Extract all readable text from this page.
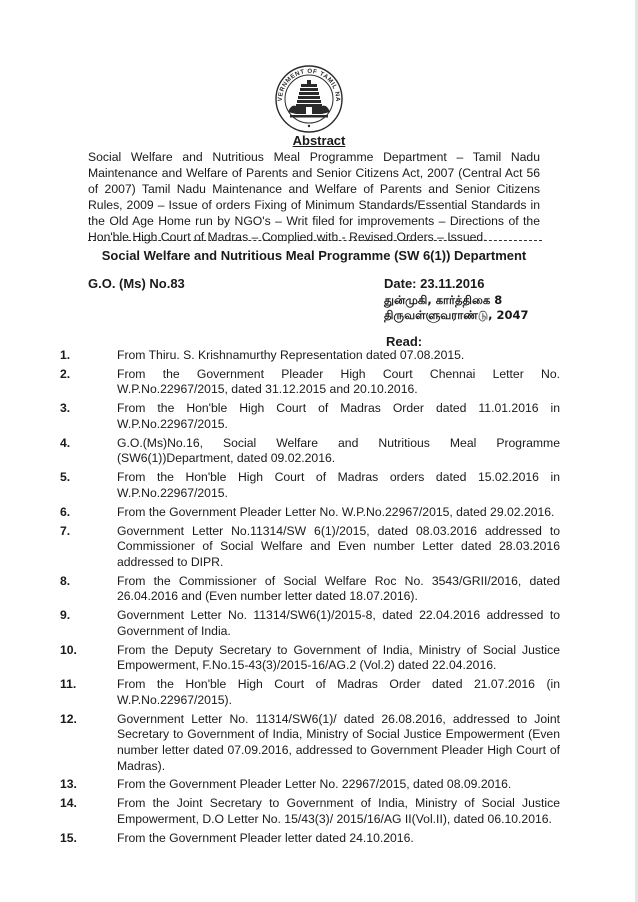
VERNMENT OF TAMIL NA
Abstract

Social Welfare and Nutritious Meal Programme Department – Tamil Nadu Maintenance and Welfare of Parents and Senior Citizens Act, 2007 (Central Act 56 of 2007) Tamil Nadu Maintenance and Welfare of Parents and Senior Citizens Rules, 2009 – Issue of orders Fixing of Minimum Standards/Essential Standards in the Old Age Home run by NGO's – Writ filed for improvements – Directions of the Hon'ble High Court of Madras – Complied with - Revised Orders – Issued.

Social Welfare and Nutritious Meal Programme (SW 6(1)) Department
G.O. (Ms) No.83	Date: 23.11.2016
துன்முகி, கார்த்திகை 8
திருவள்ளுவராண்டு, 2047
Read:
1.	From Thiru. S. Krishnamurthy Representation dated 07.08.2015.
2.	From the Government Pleader High Court Chennai Letter No. W.P.No.22967/2015, dated 31.12.2015 and 20.10.2016.
3.	From the Hon'ble High Court of Madras Order dated 11.01.2016 in W.P.No.22967/2015.
4.	G.O.(Ms)No.16, Social Welfare and Nutritious Meal Programme (SW6(1))Department, dated 09.02.2016.
5.	From the Hon'ble High Court of Madras orders dated 15.02.2016 in W.P.No.22967/2015.
6.	From the Government Pleader Letter No. W.P.No.22967/2015, dated 29.02.2016.
7.	Government Letter No.11314/SW 6(1)/2015, dated 08.03.2016 addressed to Commissioner of Social Welfare and Even number Letter dated 28.03.2016 addressed to DIPR.
8.	From the Commissioner of Social Welfare Roc No. 3543/GRII/2016, dated 26.04.2016 and (Even number letter dated 18.07.2016).
9.	Government Letter No. 11314/SW6(1)/2015-8, dated 22.04.2016 addressed to Government of India.
10.	From the Deputy Secretary to Government of India, Ministry of Social Justice Empowerment, F.No.15-43(3)/2015-16/AG.2 (Vol.2) dated 22.04.2016.
11.	From the Hon'ble High Court of Madras Order dated 21.07.2016 (in W.P.No.22967/2015).
12.	Government Letter No. 11314/SW6(1)/ dated 26.08.2016, addressed to Joint Secretary to Government of India, Ministry of Social Justice Empowerment (Even number letter dated 07.09.2016, addressed to Government Pleader High Court of Madras).
13.	From the Government Pleader Letter No. 22967/2015, dated 08.09.2016.
14.	From the Joint Secretary to Government of India, Ministry of Social Justice Empowerment, D.O Letter No. 15/43(3)/ 2015/16/AG II(Vol.II), dated 06.10.2016.
15.	From the Government Pleader letter dated 24.10.2016.
